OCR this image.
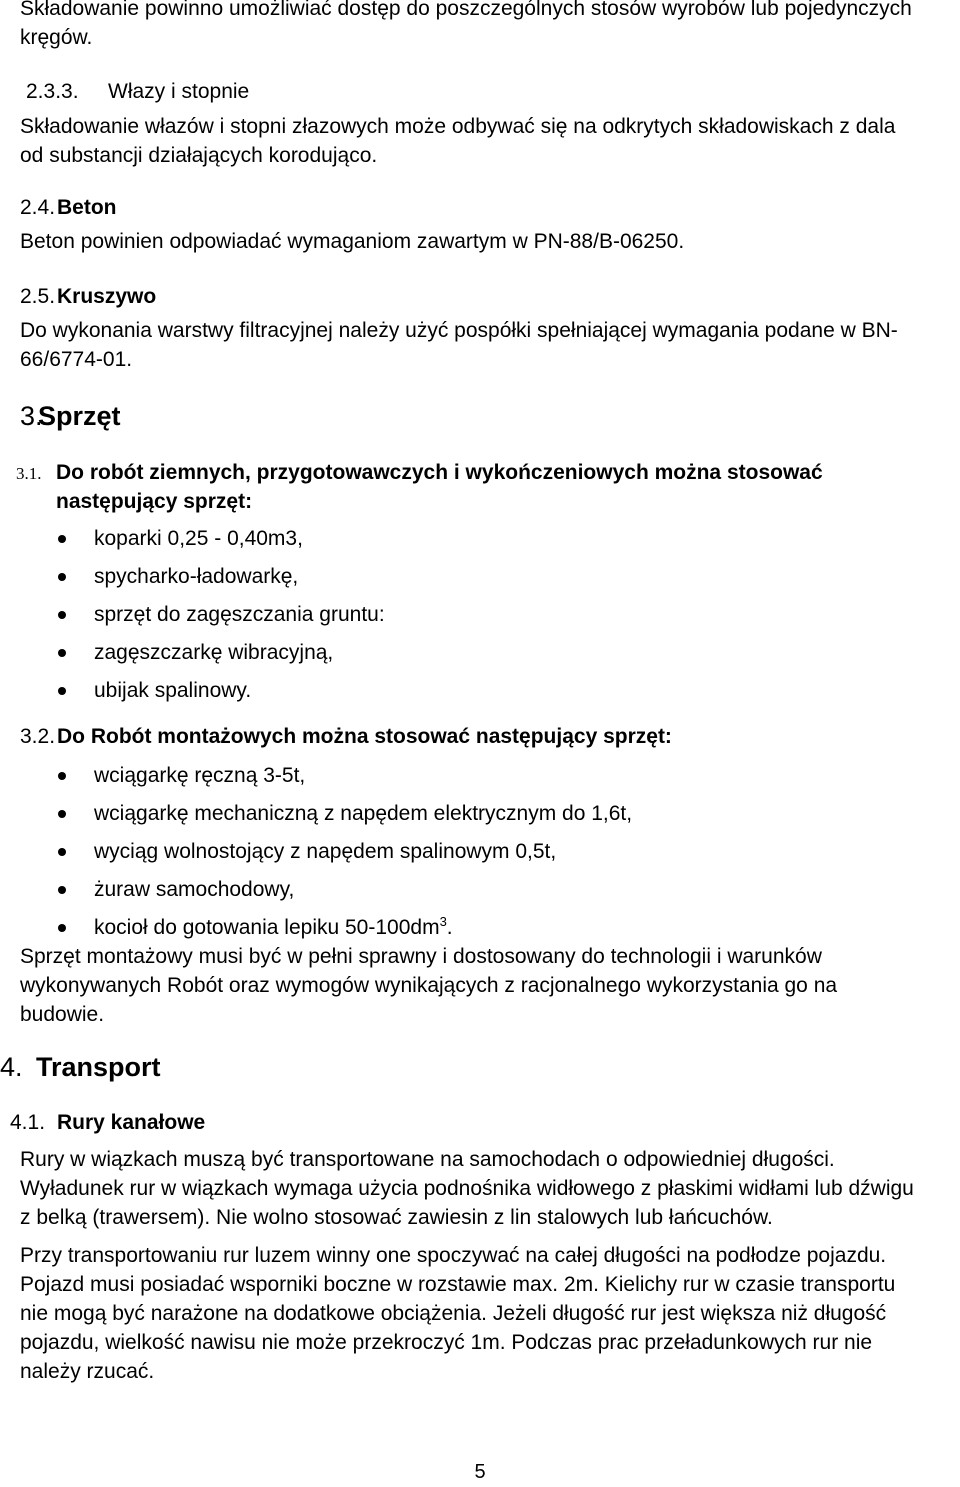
Składowanie powinno umożliwiać dostęp do poszczególnych stosów wyrobów lub pojedynczych kręgów.

2.3.3. Włazy i stopnie

Składowanie włazów i stopni złazowych może odbywać się na odkrytych składowiskach z dala od substancji działających korodująco.

2.4.Beton

Beton powinien odpowiadać wymaganiom zawartym w PN-88/B-06250.

2.5.Kruszywo

Do wykonania warstwy filtracyjnej należy użyć pospółki spełniającej wymagania podane w BN-66/6774-01.

3.Sprzęt

3.1. Do robót ziemnych, przygotowawczych i wykończeniowych można stosować następujący sprzęt:

koparki 0,25 - 0,40m3,
spycharko-ładowarkę,
sprzęt do zagęszczania gruntu:
zagęszczarkę wibracyjną,
ubijak spalinowy.

3.2.Do Robót montażowych można stosować następujący sprzęt:

wciągarkę ręczną 3-5t,
wciągarkę mechaniczną z napędem elektrycznym do 1,6t,
wyciąg wolnostojący z napędem spalinowym 0,5t,
żuraw samochodowy,
kocioł do gotowania lepiku $50-100dm^3$.

Sprzęt montażowy musi być w pełni sprawny i dostosowany do technologii i warunków wykonywanych Robót oraz wymogów wynikających z racjonalnego wykorzystania go na budowie.

4. Transport

4.1. Rury kanałowe

Rury w wiązkach muszą być transportowane na samochodach o odpowiedniej długości. Wyładunek rur w wiązkach wymaga użycia podnośnika widłowego z płaskimi widłami lub dźwigu z belką (trawersem). Nie wolno stosować zawiesin z lin stalowych lub łańcuchów.

Przy transportowaniu rur luzem winny one spoczywać na całej długości na podłodze pojazdu. Pojazd musi posiadać wsporniki boczne w rozstawie max. 2m. Kielichy rur w czasie transportu nie mogą być narażone na dodatkowe obciążenia. Jeżeli długość rur jest większa niż długość pojazdu, wielkość nawisu nie może przekroczyć 1m. Podczas prac przeładunkowych rur nie należy rzucać.

5
